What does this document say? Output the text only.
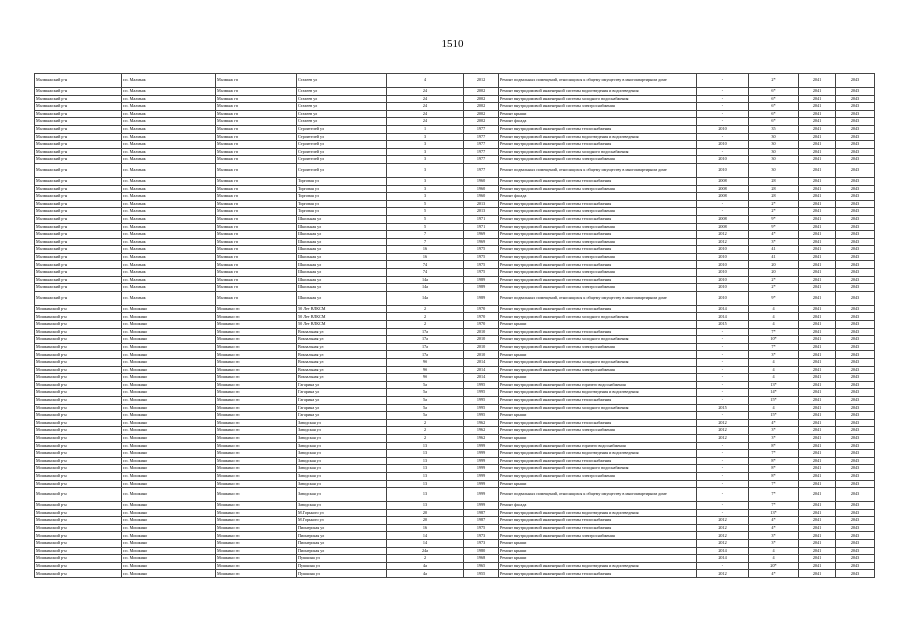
1510
Малмыжский р-н	г.п. Малмыж	Малмыж гп	Стахеев ул	4	2012	Ремонт подвальных помещений, относящихся к общему имуществу в многоквартирном доме	-	2*	2041	2043
Малмыжский р-н	г.п. Малмыж	Малмыж гп	Стахеев ул	24	2002	Ремонт внутридомовой инженерной системы водоотведения и водоотведения	-	6*	2041	2043
Малмыжский р-н	г.п. Малмыж	Малмыж гп	Стахеев ул	24	2002	Ремонт внутридомовой инженерной системы холодного водоснабжения	-	6*	2041	2043
Малмыжский р-н	г.п. Малмыж	Малмыж гп	Стахеев ул	24	2002	Ремонт внутридомовой инженерной системы электроснабжения	-	6*	2041	2043
Малмыжский р-н	г.п. Малмыж	Малмыж гп	Стахеев ул	24	2002	Ремонт крыши	-	6*	2041	2043
Малмыжский р-н	г.п. Малмыж	Малмыж гп	Стахеев ул	24	2002	Ремонт фасада	-	6*	2041	2043
Малмыжский р-н	г.п. Малмыж	Малмыж гп	Строителей ул	1	1977	Ремонт внутридомовой инженерной системы теплоснабжения	2010	35	2041	2043
Малмыжский р-н	г.п. Малмыж	Малмыж гп	Строителей ул	3	1977	Ремонт внутридомовой инженерной системы водоотведения и водоотведения	-	30	2041	2043
Малмыжский р-н	г.п. Малмыж	Малмыж гп	Строителей ул	3	1977	Ремонт внутридомовой инженерной системы теплоснабжения	2010	30	2041	2043
Малмыжский р-н	г.п. Малмыж	Малмыж гп	Строителей ул	3	1977	Ремонт внутридомовой инженерной системы холодного водоснабжения	-	30	2041	2043
Малмыжский р-н	г.п. Малмыж	Малмыж гп	Строителей ул	3	1977	Ремонт внутридомовой инженерной системы электроснабжения	2010	30	2041	2043
Малмыжский р-н	г.п. Малмыж	Малмыж гп	Строителей ул	3	1977	Ремонт подвальных помещений, относящихся к общему имуществу в многоквартирном доме	2010	30	2041	2043
Малмыжский р-н	г.п. Малмыж	Малмыж гп	Торговая ул	3	1960	Ремонт внутридомовой инженерной системы теплоснабжения	2008	28	2041	2043
Малмыжский р-н	г.п. Малмыж	Малмыж гп	Торговая ул	3	1960	Ремонт внутридомовой инженерной системы электроснабжения	2008	28	2041	2043
Малмыжский р-н	г.п. Малмыж	Малмыж гп	Торговая ул	3	1960	Ремонт фасада	2008	28	2041	2043
Малмыжский р-н	г.п. Малмыж	Малмыж гп	Торговая ул	5	2013	Ремонт внутридомовой инженерной системы теплоснабжения	-	2*	2041	2043
Малмыжский р-н	г.п. Малмыж	Малмыж гп	Торговая ул	5	2013	Ремонт внутридомовой инженерной системы электроснабжения	-	2*	2041	2043
Малмыжский р-н	г.п. Малмыж	Малмыж гп	Школьная ул	5	1971	Ремонт внутридомовой инженерной системы теплоснабжения	2008	9*	2041	2043
Малмыжский р-н	г.п. Малмыж	Малмыж гп	Школьная ул	5	1971	Ремонт внутридомовой инженерной системы электроснабжения	2008	9*	2041	2043
Малмыжский р-н	г.п. Малмыж	Малмыж гп	Школьная ул	7	1969	Ремонт внутридомовой инженерной системы теплоснабжения	2012	4*	2041	2043
Малмыжский р-н	г.п. Малмыж	Малмыж гп	Школьная ул	7	1969	Ремонт внутридомовой инженерной системы электроснабжения	2012	3*	2041	2043
Малмыжский р-н	г.п. Малмыж	Малмыж гп	Школьная ул	16	1975	Ремонт внутридомовой инженерной системы теплоснабжения	2010	41	2041	2043
Малмыжский р-н	г.п. Малмыж	Малмыж гп	Школьная ул	16	1975	Ремонт внутридомовой инженерной системы электроснабжения	2010	41	2041	2043
Малмыжский р-н	г.п. Малмыж	Малмыж гп	Школьная ул	74	1975	Ремонт внутридомовой инженерной системы теплоснабжения	2010	20	2041	2043
Малмыжский р-н	г.п. Малмыж	Малмыж гп	Школьная ул	74	1975	Ремонт внутридомовой инженерной системы электроснабжения	2010	20	2041	2043
Малмыжский р-н	г.п. Малмыж	Малмыж гп	Школьная ул	14а	1989	Ремонт внутридомовой инженерной системы теплоснабжения	2010	2*	2041	2043
Малмыжский р-н	г.п. Малмыж	Малмыж гп	Школьная ул	14а	1989	Ремонт внутридомовой инженерной системы электроснабжения	2010	2*	2041	2043
Малмыжский р-н	г.п. Малмыж	Малмыж гп	Школьная ул	14а	1989	Ремонт подвальных помещений, относящихся к общему имуществу в многоквартирном доме	2010	9*	2041	2043
Мошкинский р-н	г.п. Мошкино	Мошкино гп	50 Лет ВЛКСМ	2	1970	Ремонт внутридомовой инженерной системы теплоснабжения	2014	4	2041	2043
Мошкинский р-н	г.п. Мошкино	Мошкино гп	50 Лет ВЛКСМ	2	1970	Ремонт внутридомовой инженерной системы холодного водоснабжения	2014	4	2041	2043
Мошкинский р-н	г.п. Мошкино	Мошкино гп	50 Лет ВЛКСМ	2	1970	Ремонт крыши	2015	4	2041	2043
Мошкинский р-н	г.п. Мошкино	Мошкино гп	Вокзальная ул	17а	2010	Ремонт внутридомовой инженерной системы теплоснабжения	-	7*	2041	2043
Мошкинский р-н	г.п. Мошкино	Мошкино гп	Вокзальная ул	17а	2010	Ремонт внутридомовой инженерной системы холодного водоснабжения	-	10*	2041	2043
Мошкинский р-н	г.п. Мошкино	Мошкино гп	Вокзальная ул	17а	2010	Ремонт внутридомовой инженерной системы электроснабжения	-	7*	2041	2043
Мошкинский р-н	г.п. Мошкино	Мошкино гп	Вокзальная ул	17а	2010	Ремонт крыши	-	3*	2041	2043
Мошкинский р-н	г.п. Мошкино	Мошкино гп	Вокзальная ул	9б	2014	Ремонт внутридомовой инженерной системы холодного водоснабжения	-	4	2041	2043
Мошкинский р-н	г.п. Мошкино	Мошкино гп	Вокзальная ул	9б	2014	Ремонт внутридомовой инженерной системы электроснабжения	-	4	2041	2043
Мошкинский р-н	г.п. Мошкино	Мошкино гп	Вокзальная ул	9б	2014	Ремонт крыши	-	4	2041	2043
Мошкинский р-н	г.п. Мошкино	Мошкино гп	Гагарина ул	5а	1995	Ремонт внутридомовой инженерной системы горячего водоснабжения	-	13*	2041	2043
Мошкинский р-н	г.п. Мошкино	Мошкино гп	Гагарина ул	5а	1995	Ремонт внутридомовой инженерной системы водоотведения и водоотведения	-	14*	2041	2043
Мошкинский р-н	г.п. Мошкино	Мошкино гп	Гагарина ул	5а	1995	Ремонт внутридомовой инженерной системы теплоснабжения	-	15*	2041	2043
Мошкинский р-н	г.п. Мошкино	Мошкино гп	Гагарина ул	5а	1995	Ремонт внутридомовой инженерной системы холодного водоснабжения	2015	4	2041	2043
Мошкинский р-н	г.п. Мошкино	Мошкино гп	Гагарина ул	5а	1995	Ремонт крыши	-	15*	2041	2043
Мошкинский р-н	г.п. Мошкино	Мошкино гп	Заводская ул	2	1962	Ремонт внутридомовой инженерной системы теплоснабжения	2012	4*	2041	2043
Мошкинский р-н	г.п. Мошкино	Мошкино гп	Заводская ул	2	1962	Ремонт внутридомовой инженерной системы электроснабжения	2012	3*	2041	2043
Мошкинский р-н	г.п. Мошкино	Мошкино гп	Заводская ул	2	1962	Ремонт крыши	2012	3*	2041	2043
Мошкинский р-н	г.п. Мошкино	Мошкино гп	Заводская ул	13	1999	Ремонт внутридомовой инженерной системы горячего водоснабжения	-	8*	2041	2043
Мошкинский р-н	г.п. Мошкино	Мошкино гп	Заводская ул	13	1999	Ремонт внутридомовой инженерной системы водоотведения и водоотведения	-	7*	2041	2043
Мошкинский р-н	г.п. Мошкино	Мошкино гп	Заводская ул	13	1999	Ремонт внутридомовой инженерной системы теплоснабжения	-	8*	2041	2043
Мошкинский р-н	г.п. Мошкино	Мошкино гп	Заводская ул	13	1999	Ремонт внутридомовой инженерной системы холодного водоснабжения	-	8*	2041	2043
Мошкинский р-н	г.п. Мошкино	Мошкино гп	Заводская ул	13	1999	Ремонт внутридомовой инженерной системы электроснабжения	-	8*	2041	2043
Мошкинский р-н	г.п. Мошкино	Мошкино гп	Заводская ул	13	1999	Ремонт крыши	-	7*	2041	2043
Мошкинский р-н	г.п. Мошкино	Мошкино гп	Заводская ул	13	1999	Ремонт подвальных помещений, относящихся к общему имуществу в многоквартирном доме	-	7*	2041	2043
Мошкинский р-н	г.п. Мошкино	Мошкино гп	Заводская ул	13	1999	Ремонт фасада	-	7*	2041	2043
Мошкинский р-н	г.п. Мошкино	Мошкино гп	М.Горького ул	20	1987	Ремонт внутридомовой инженерной системы водоотведения и водоотведения	-	13*	2041	2043
Мошкинский р-н	г.п. Мошкино	Мошкино гп	М.Горького ул	20	1987	Ремонт внутридомовой инженерной системы теплоснабжения	2012	4*	2041	2043
Мошкинский р-н	г.п. Мошкино	Мошкино гп	Пионерская ул	16	1975	Ремонт внутридомовой инженерной системы теплоснабжения	2012	4*	2041	2043
Мошкинский р-н	г.п. Мошкино	Мошкино гп	Пионерская ул	14	1973	Ремонт внутридомовой инженерной системы электроснабжения	2012	3*	2041	2043
Мошкинский р-н	г.п. Мошкино	Мошкино гп	Пионерская ул	14	1973	Ремонт крыши	2012	3*	2041	2043
Мошкинский р-н	г.п. Мошкино	Мошкино гп	Пионерская ул	24а	1980	Ремонт крыши	2014	4	2041	2043
Мошкинский р-н	г.п. Мошкино	Мошкино гп	Пушкина ул	2	1968	Ремонт крыши	2014	4	2041	2043
Мошкинский р-н	г.п. Мошкино	Мошкино гп	Пушкина ул	4а	1965	Ремонт внутридомовой инженерной системы водоотведения и водоотведения	-	20*	2041	2043
Мошкинский р-н	г.п. Мошкино	Мошкино гп	Пушкина ул	4а	1955	Ремонт внутридомовой инженерной системы теплоснабжения	2012	4*	2041	2043
